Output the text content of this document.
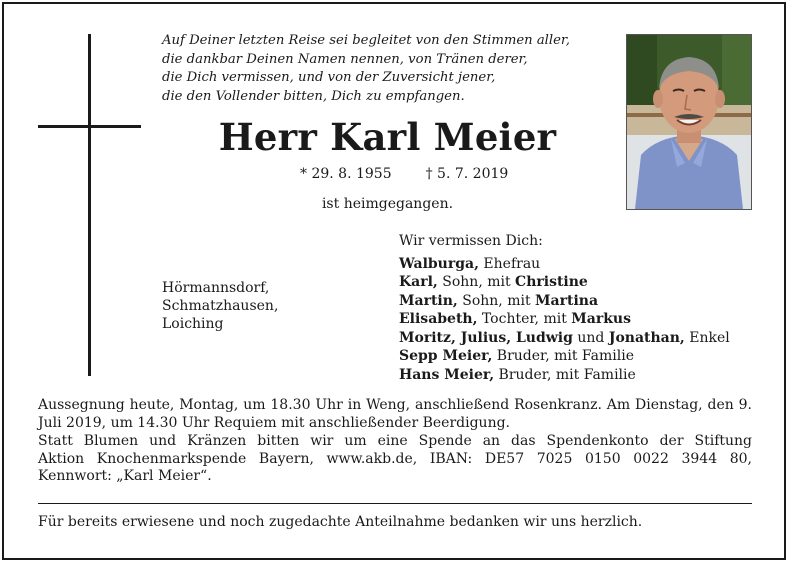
Auf Deiner letzten Reise sei begleitet von den Stimmen aller,
die dankbar Deinen Namen nennen, von Tränen derer,
die Dich vermissen, und von der Zuversicht jener,
die den Vollender bitten, Dich zu empfangen.
Herr Karl Meier
* 29. 8. 1955 † 5. 7. 2019
ist heimgegangen.
Hörmannsdorf,
Schmatzhausen,
Loiching
Wir vermissen Dich:
Walburga, Ehefrau
Karl, Sohn, mit Christine
Martin, Sohn, mit Martina
Elisabeth, Tochter, mit Markus
Moritz, Julius, Ludwig und Jonathan, Enkel
Sepp Meier, Bruder, mit Familie
Hans Meier, Bruder, mit Familie
Aussegnung heute, Montag, um 18.30 Uhr in Weng, anschließend Rosenkranz. Am Dienstag, den 9. Juli 2019, um 14.30 Uhr Requiem mit anschließender Beerdigung.
Statt Blumen und Kränzen bitten wir um eine Spende an das Spendenkonto der Stiftung
Aktion Knochenmarkspende Bayern, www.akb.de, IBAN: DE57 7025 0150 0022 3944 80,
Kennwort: „Karl Meier“.
Für bereits erwiesene und noch zugedachte Anteilnahme bedanken wir uns herzlich.
